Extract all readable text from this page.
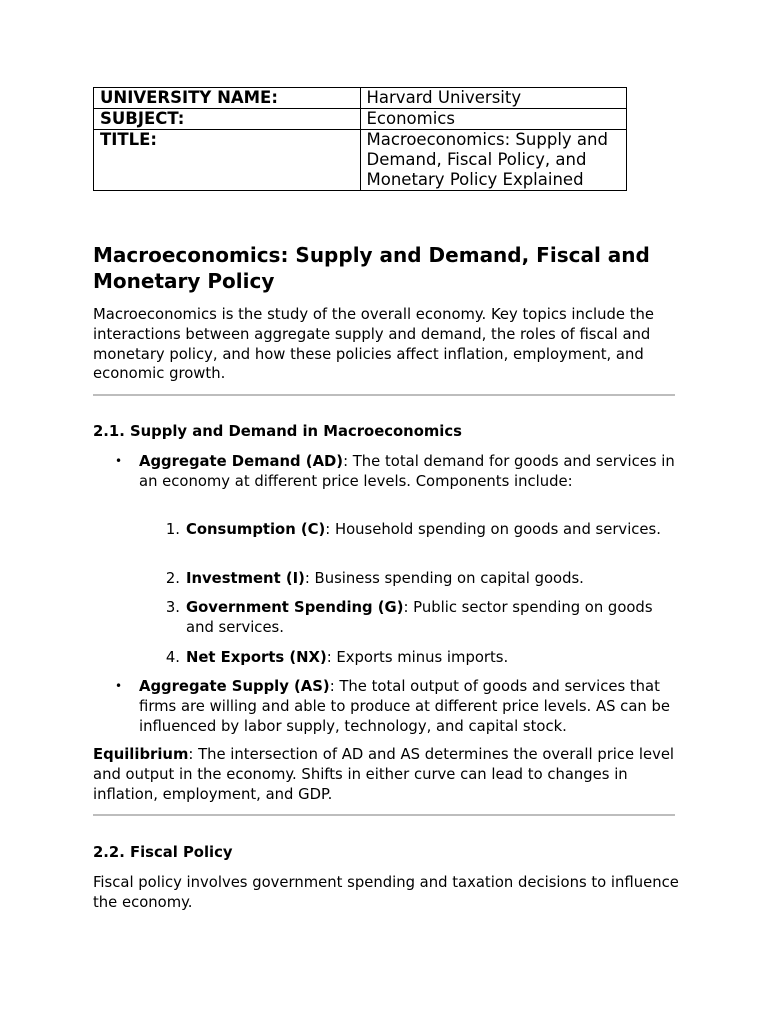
UNIVERSITY NAME:	Harvard University
SUBJECT:	Economics
TITLE:	Macroeconomics: Supply and Demand, Fiscal Policy, and Monetary Policy Explained
Macroeconomics: Supply and Demand, Fiscal and Monetary Policy

Macroeconomics is the study of the overall economy. Key topics include the interactions between aggregate supply and demand, the roles of fiscal and monetary policy, and how these policies affect inflation, employment, and economic growth.

2.1. Supply and Demand in Macroeconomics

• Aggregate Demand (AD): The total demand for goods and services in an economy at different price levels. Components include:

1. Consumption (C): Household spending on goods and services.

2. Investment (I): Business spending on capital goods.

3. Government Spending (G): Public sector spending on goods and services.

4. Net Exports (NX): Exports minus imports.

• Aggregate Supply (AS): The total output of goods and services that firms are willing and able to produce at different price levels. AS can be influenced by labor supply, technology, and capital stock.

Equilibrium: The intersection of AD and AS determines the overall price level and output in the economy. Shifts in either curve can lead to changes in inflation, employment, and GDP.

2.2. Fiscal Policy

Fiscal policy involves government spending and taxation decisions to influence the economy.
